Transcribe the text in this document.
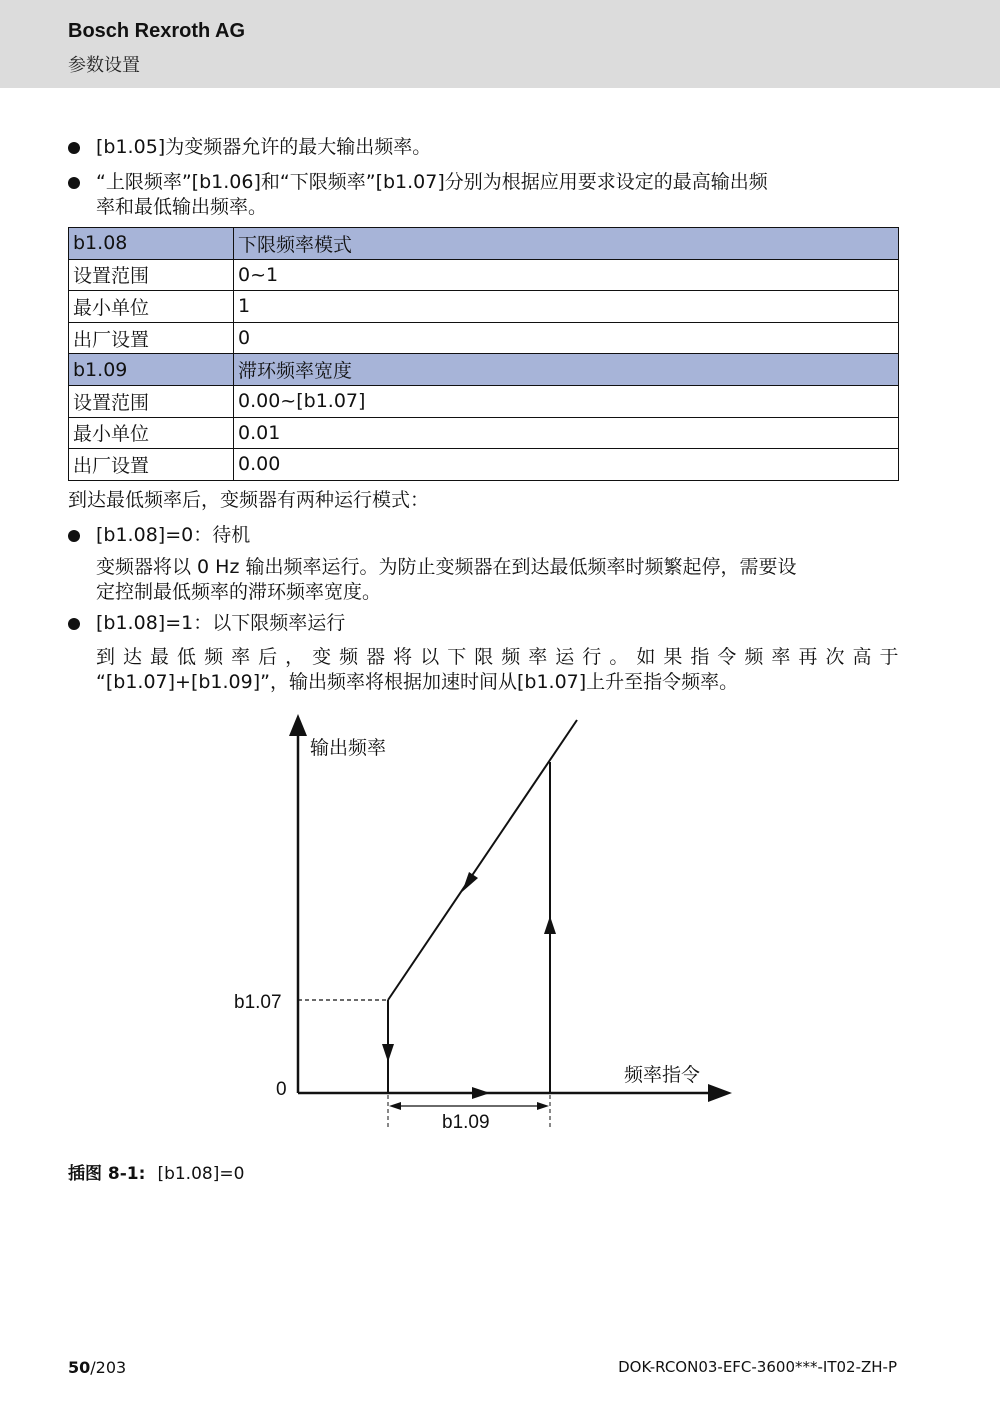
Bosch Rexroth AG
参数设置
[b1.05]为变频器允许的最大输出频率。
“上限频率”[b1.06]和“下限频率”[b1.07]分别为根据应用要求设定的最高输出频
率和最低输出频率。
b1.08	下限频率模式
设置范围	0~1
最小单位	1
出厂设置	0
b1.09	滞环频率宽度
设置范围	0.00~[b1.07]
最小单位	0.01
出厂设置	0.00
到达最低频率后，变频器有两种运行模式：
[b1.08]=0：待机
变频器将以 0 Hz 输出频率运行。为防止变频器在到达最低频率时频繁起停，需要设
定控制最低频率的滞环频率宽度。
[b1.08]=1：以下限频率运行
到达最低频率后，变频器将以下限频率运行。如果指令频率再次高于
“[b1.07]+[b1.09]”，输出频率将根据加速时间从[b1.07]上升至指令频率。
输出频率
频率指令
b1.07
0
b1.09
插图 8-1: [b1.08]=0
50/203	DOK-RCON03-EFC-3600***-IT02-ZH-P
